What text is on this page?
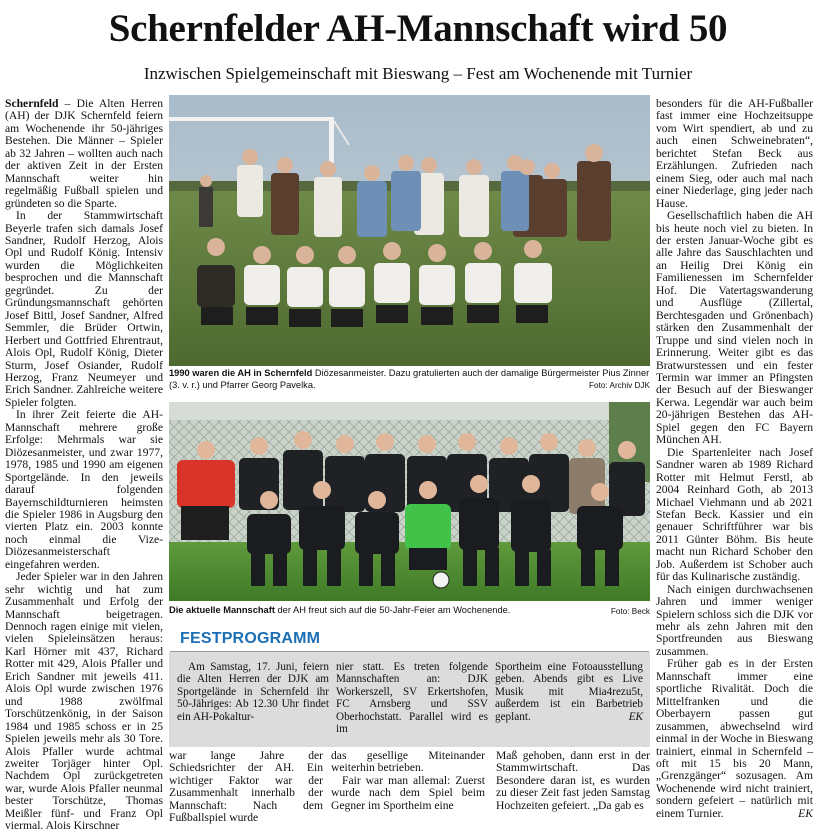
Schernfelder AH-Mannschaft wird 50
Inzwischen Spielgemeinschaft mit Bieswang – Fest am Wochenende mit Turnier

Schernfeld – Die Alten Herren (AH) der DJK Schernfeld feiern am Wochenende ihr 50-jähriges Bestehen. Die Männer – Spieler ab 32 Jahren – wollten auch nach der aktiven Zeit in der Ersten Mannschaft weiter hin regelmäßig Fußball spielen und gründeten so die Sparte.

In der Stammwirtschaft Beyerle trafen sich damals Josef Sandner, Rudolf Herzog, Alois Opl und Rudolf König. Intensiv wurden die Möglichkeiten besprochen und die Mannschaft gegründet. Zu der Gründungsmannschaft gehörten Josef Bittl, Josef Sandner, Alfred Semmler, die Brüder Ortwin, Herbert und Gottfried Ehrentraut, Alois Opl, Rudolf König, Dieter Sturm, Josef Osiander, Rudolf Herzog, Franz Neumeyer und Erich Sandner. Zahlreiche weitere Spieler folgten.

In ihrer Zeit feierte die AH-Mannschaft mehrere große Erfolge: Mehrmals war sie Diözesanmeister, und zwar 1977, 1978, 1985 und 1990 am eigenen Sportgelände. In den jeweils darauf folgenden Bayernschildturnieren heimsten die Spieler 1986 in Augsburg den vierten Platz ein. 2003 konnte noch einmal die Vize-Diözesanmeisterschaft eingefahren werden.

Jeder Spieler war in den Jahren sehr wichtig und hat zum Zusammenhalt und Erfolg der Mannschaft beigetragen. Dennoch ragen einige mit vielen, vielen Spieleinsätzen heraus: Karl Hörner mit 437, Richard Rotter mit 429, Alois Pfaller und Erich Sandner mit jeweils 411. Alois Opl wurde zwischen 1976 und 1988 zwölfmal Torschützenkönig, in der Saison 1984 und 1985 schoss er in 25 Spielen jeweils mehr als 30 Tore. Alois Pfaller wurde achtmal zweiter Torjäger hinter Opl. Nachdem Opl zurückgetreten war, wurde Alois Pfaller neunmal bester Torschütze, Thomas Meißler fünf- und Franz Opl viermal. Alois Kirschner

1990 waren die AH in Schernfeld Diözesanmeister. Dazu gratulierten auch der damalige Bürgermeister Pius Zinner (3. v. r.) und Pfarrer Georg Pavelka.	Foto: Archiv DJK
Die aktuelle Mannschaft der AH freut sich auf die 50-Jahr-Feier am Wochenende.	Foto: Beck
FESTPROGRAMM

Am Samstag, 17. Juni, feiern die Alten Herren der DJK am Sportgelände in Schernfeld ihr 50-Jähriges: Ab 12.30 Uhr findet ein AH-Pokaltur-

nier statt. Es treten folgende Mannschaften an: DJK Workerszell, SV Erkertshofen, FC Arnsberg und SSV Oberhochstatt. Parallel wird es im

Sportheim eine Fotoausstellung geben. Abends gibt es Live Musik mit Mia4rezu5t, außerdem ist ein Barbetrieb geplant.	EK

war lange Jahre der Schiedsrichter der AH. Ein wichtiger Faktor war der Zusammenhalt innerhalb der Mannschaft: Nach dem Fußballspiel wurde

das gesellige Miteinander weiterhin betrieben.

Fair war man allemal: Zuerst wurde nach dem Spiel beim Gegner im Sportheim eine

Maß gehoben, dann erst in der Stammwirtschaft. Das Besondere daran ist, es wurden zu dieser Zeit fast jeden Samstag Hochzeiten gefeiert. „Da gab es

besonders für die AH-Fußballer fast immer eine Hochzeitsuppe vom Wirt spendiert, ab und zu auch einen Schweinebraten“, berichtet Stefan Beck aus Erzählungen. Zufrieden nach einem Sieg, oder auch mal nach einer Niederlage, ging jeder nach Hause.

Gesellschaftlich haben die AH bis heute noch viel zu bieten. In der ersten Januar-Woche gibt es alle Jahre das Sauschlachten und an Heilig Drei König ein Familienessen im Schernfelder Hof. Die Vatertagswanderung und Ausflüge (Zillertal, Berchtesgaden und Grönenbach) stärken den Zusammenhalt der Truppe und sind vielen noch in Erinnerung. Weiter gibt es das Bratwurstessen und ein fester Termin war immer an Pfingsten der Besuch auf der Bieswanger Kerwa. Legendär war auch beim 20-jährigen Bestehen das AH-Spiel gegen den FC Bayern München AH.

Die Spartenleiter nach Josef Sandner waren ab 1989 Richard Rotter mit Helmut Ferstl, ab 2004 Reinhard Goth, ab 2013 Michael Viehmann und ab 2021 Stefan Beck. Kassier und ein genauer Schriftführer war bis 2011 Günter Böhm. Bis heute macht nun Richard Schober den Job. Außerdem ist Schober auch für das Kulinarische zuständig.

Nach einigen durchwachsenen Jahren und immer weniger Spielern schloss sich die DJK vor mehr als zehn Jahren mit den Sportfreunden aus Bieswang zusammen.

Früher gab es in der Ersten Mannschaft immer eine sportliche Rivalität. Doch die Mittelfranken und die Oberbayern passen gut zusammen, abwechselnd wird einmal in der Woche in Bieswang trainiert, einmal in Schernfeld – oft mit 15 bis 20 Mann, „Grenzgänger“ sozusagen. Am Wochenende wird nicht trainiert, sondern gefeiert – natürlich mit einem Turnier.	EK
